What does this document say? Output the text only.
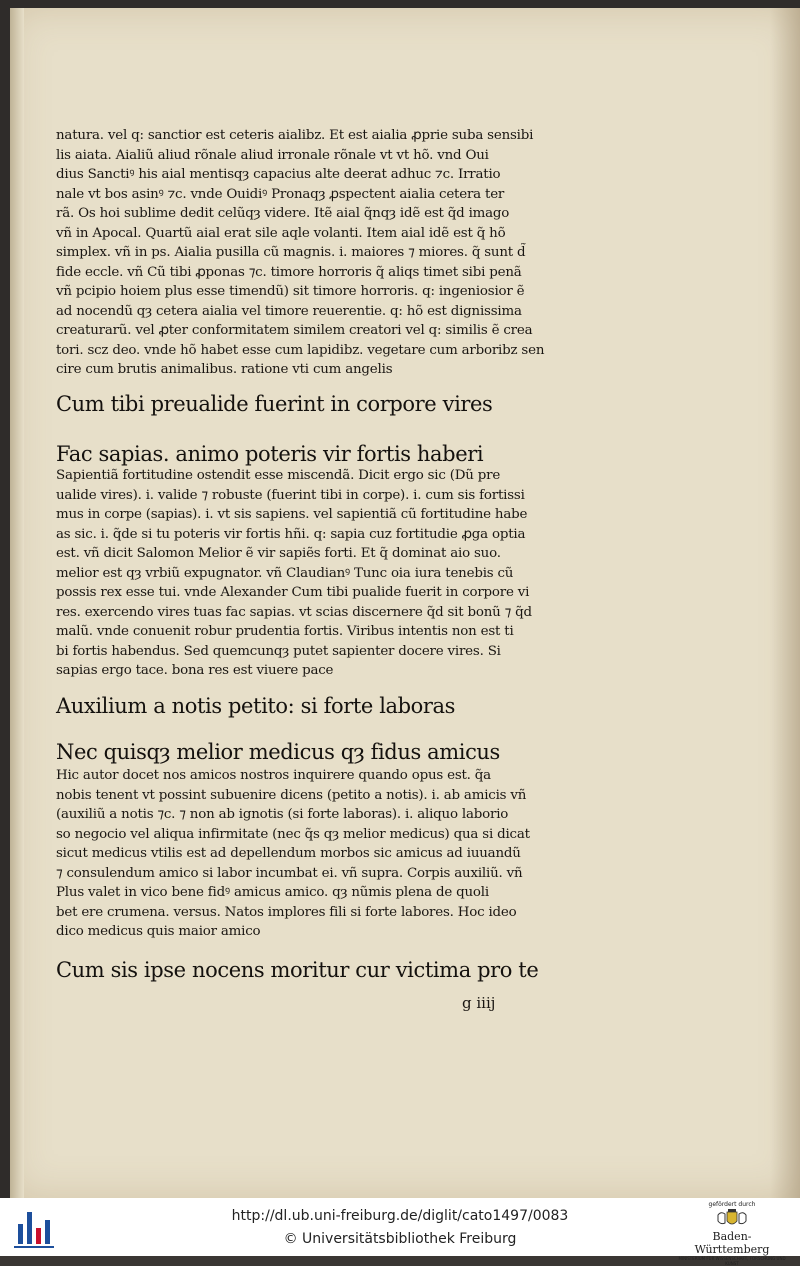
natura. vel q: sanctior est ceteris aialibz. Et est aialia ꝓprie suba sensibi
lis aiata. Aialiũ aliud rõnale aliud irronale rõnale vt vt hõ. vnd Oui
dius Sanctiꝰ his aial mentisqȝ capacius alte deerat adhuc ⁊c. Irratio
nale vt bos asinꝰ ⁊c. vnde Ouidiꝰ Pronaqȝ ꝓspectent aialia cetera ter
rã. Os hoi sublime dedit celũqȝ videre. Itẽ aial q̃nqȝ idẽ est q̃d imago
vñ in Apocal. Quartũ aial erat sile aqle volanti. Item aial idẽ est q̃ hõ
simplex. vñ in ps. Aialia pusilla cũ magnis. i. maiores ⁊ miores. q̃ sunt d̃
fide eccle. vñ Cũ tibi ꝓponas ⁊c. timore horroris q̃ aliqs timet sibi penã
vñ pcipio hoiem plus esse timendũ) sit timore horroris. q: ingeniosior ẽ
ad nocendũ qȝ cetera aialia vel timore reuerentie. q: hõ est dignissima
creaturarũ. vel ꝓter conformitatem similem creatori vel q: similis ẽ crea
tori. scz deo. vnde hõ habet esse cum lapidibz. vegetare cum arboribz sen
cire cum brutis animalibus. ratione vti cum angelis
Cum tibi preualide fuerint in corpore vires
Fac sapias. animo poteris vir fortis haberi
Sapientiã fortitudine ostendit esse miscendã. Dicit ergo sic (Dũ pre
ualide vires). i. valide ⁊ robuste (fuerint tibi in corpe). i. cum sis fortissi
mus in corpe (sapias). i. vt sis sapiens. vel sapientiã cũ fortitudine habe
as sic. i. q̃de si tu poteris vir fortis hñi. q: sapia cuz fortitudie ꝓga optia
est. vñ dicit Salomon Melior ẽ vir sapiẽs forti. Et q̃ dominat aio suo.
melior est qȝ vrbiũ expugnator. vñ Claudianꝰ Tunc oia iura tenebis cũ
possis rex esse tui. vnde Alexander Cum tibi pualide fuerit in corpore vi
res. exercendo vires tuas fac sapias. vt scias discernere q̃d sit bonũ ⁊ q̃d
malũ. vnde conuenit robur prudentia fortis. Viribus intentis non est ti
bi fortis habendus. Sed quemcunqȝ putet sapienter docere vires. Si
sapias ergo tace. bona res est viuere pace
Auxilium a notis petito: si forte laboras
Nec quisqȝ melior medicus qȝ fidus amicus
Hic autor docet nos amicos nostros inquirere quando opus est. q̃a
nobis tenent vt possint subuenire dicens (petito a notis). i. ab amicis vñ
(auxiliũ a notis ⁊c. ⁊ non ab ignotis (si forte laboras). i. aliquo laborio
so negocio vel aliqua infirmitate (nec q̃s qȝ melior medicus) qua si dicat
sicut medicus vtilis est ad depellendum morbos sic amicus ad iuuandũ
⁊ consulendum amico si labor incumbat ei. vñ supra. Corpis auxiliũ. vñ
Plus valet in vico bene fidꝰ amicus amico. qȝ nũmis plena de quoli
bet ere crumena. versus. Natos implores fili si forte labores. Hoc ideo
dico medicus quis maior amico
Cum sis ipse nocens moritur cur victima pro te
g iiij
http://dl.ub.uni-freiburg.de/diglit/cato1497/0083
© Universitätsbibliothek Freiburg
gefördert durch
Baden-Württemberg
MINISTERIUM FÜR WISSENSCHAFT, FORSCHUNG UND KUNST
